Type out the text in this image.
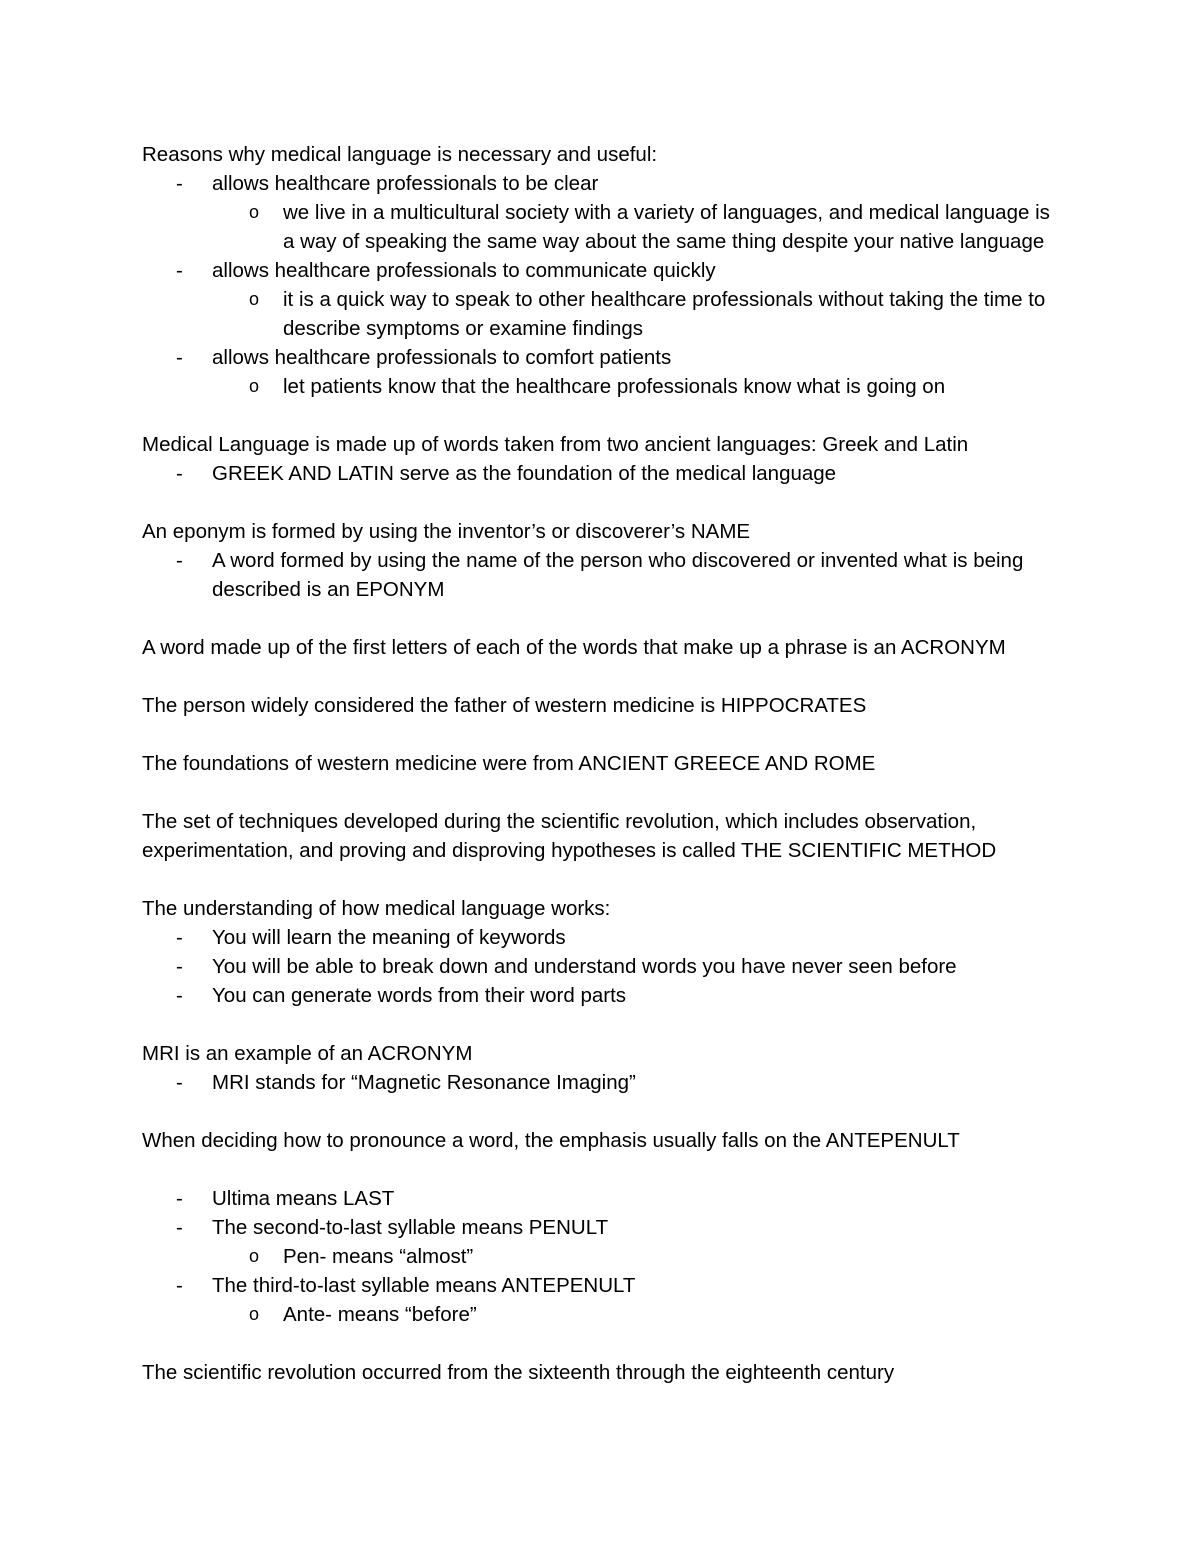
Reasons why medical language is necessary and useful:

- allows healthcare professionals to be clear
o we live in a multicultural society with a variety of languages, and medical language is a way of speaking the same way about the same thing despite your native language
- allows healthcare professionals to communicate quickly
o it is a quick way to speak to other healthcare professionals without taking the time to describe symptoms or examine findings
- allows healthcare professionals to comfort patients
o let patients know that the healthcare professionals know what is going on

Medical Language is made up of words taken from two ancient languages: Greek and Latin

- GREEK AND LATIN serve as the foundation of the medical language

An eponym is formed by using the inventor’s or discoverer’s NAME

- A word formed by using the name of the person who discovered or invented what is being described is an EPONYM

A word made up of the first letters of each of the words that make up a phrase is an ACRONYM

The person widely considered the father of western medicine is HIPPOCRATES

The foundations of western medicine were from ANCIENT GREECE AND ROME

The set of techniques developed during the scientific revolution, which includes observation, experimentation, and proving and disproving hypotheses is called THE SCIENTIFIC METHOD

The understanding of how medical language works:

- You will learn the meaning of keywords
- You will be able to break down and understand words you have never seen before
- You can generate words from their word parts

MRI is an example of an ACRONYM

- MRI stands for “Magnetic Resonance Imaging”

When deciding how to pronounce a word, the emphasis usually falls on the ANTEPENULT

- Ultima means LAST
- The second-to-last syllable means PENULT
o Pen- means “almost”
- The third-to-last syllable means ANTEPENULT
o Ante- means “before”

The scientific revolution occurred from the sixteenth through the eighteenth century
